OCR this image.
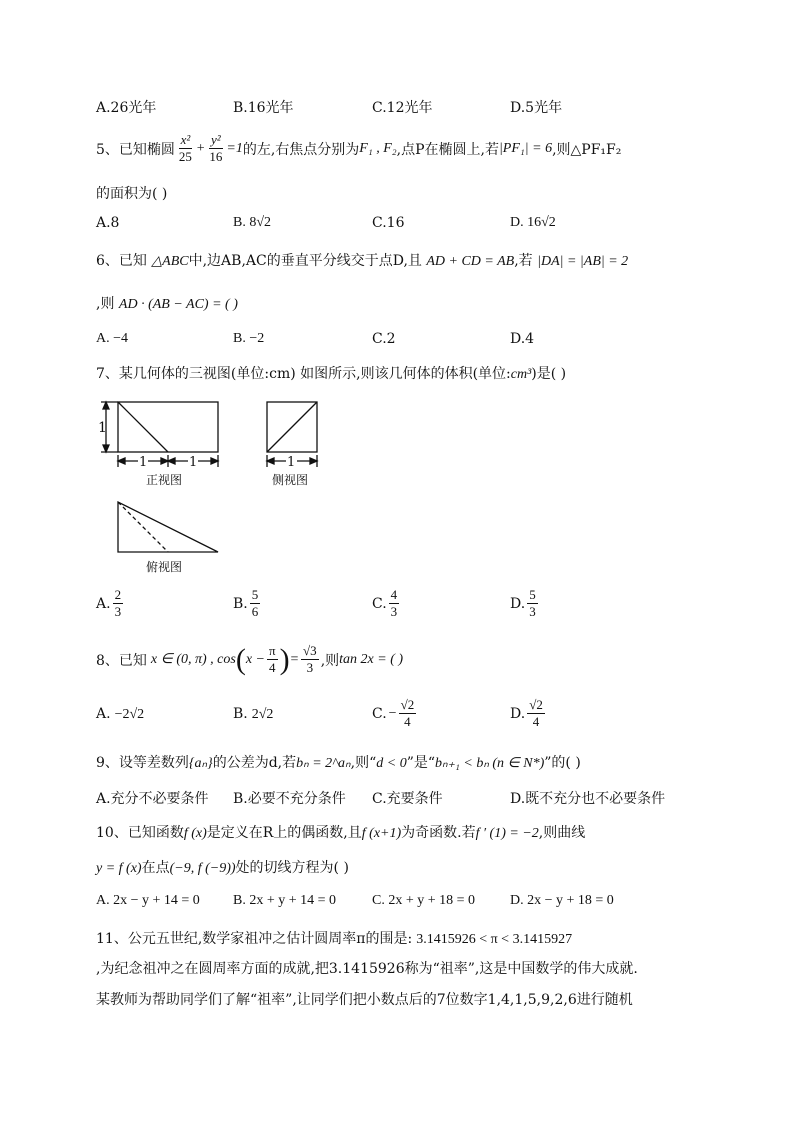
A.26光年	B.16光年	C.12光年	D.5光年
5、 已知椭圆 $\frac{\text{x²}}{25} + \frac{\text{y²}}{16} =1$ 的左,右焦点分别为 F₁ , F₂ ,点P在椭圆上,若 |PF₁| = 6 ,则△PF₁F₂
的面积为( )
A.8	B. 8√2	C.16	D. 16√2
6、已知 △ABC中,边AB,AC的垂直平分线交于点D,且 AD + CD = AB,若 |DA| = |AB| = 2
,则 AD · (AB − AC) = ( )
A. −4	B. −2	C.2	D.4
7、某几何体的三视图(单位:cm) 如图所示,则该几何体的体积(单位:cm³)是( )
1
1	1
正视图
1
侧视图
俯视图
A. $\frac{2}{3}$	B. $\frac{5}{6}$	C. $\frac{4}{3}$	D. $\frac{5}{3}$
8、 已知 x ∈ (0, π) , cos ( $x - \frac{\pi}{4}$ ) = $\frac{√3}{3}$ ,则 tan 2x = ( )
A. −2√2	B. 2√2	C. − $\frac{√2}{4}$	D. $\frac{√2}{4}$
9、设等差数列{aₙ}的公差为d,若bₙ = 2^aₙ,则“d < 0”是“bₙ₊₁ < bₙ (n ∈ N*)”的( )
A.充分不必要条件 B.必要不充分条件 C.充要条件	D.既不充分也不必要条件
10、已知函数f (x)是定义在R上的偶函数,且f (x+1)为奇函数.若f ′ (1) = −2,则曲线
y = f (x)在点(−9, f (−9))处的切线方程为( )
A. 2x − y + 14 = 0 B. 2x + y + 14 = 0	C. 2x + y + 18 = 0 D. 2x − y + 18 = 0
11、公元五世纪,数学家祖冲之估计圆周率π的围是: 3.1415926 < π < 3.1415927
,为纪念祖冲之在圆周率方面的成就,把3.1415926称为“祖率”,这是中国数学的伟大成就.
某教师为帮助同学们了解“祖率”,让同学们把小数点后的7位数字1,4,1,5,9,2,6进行随机
